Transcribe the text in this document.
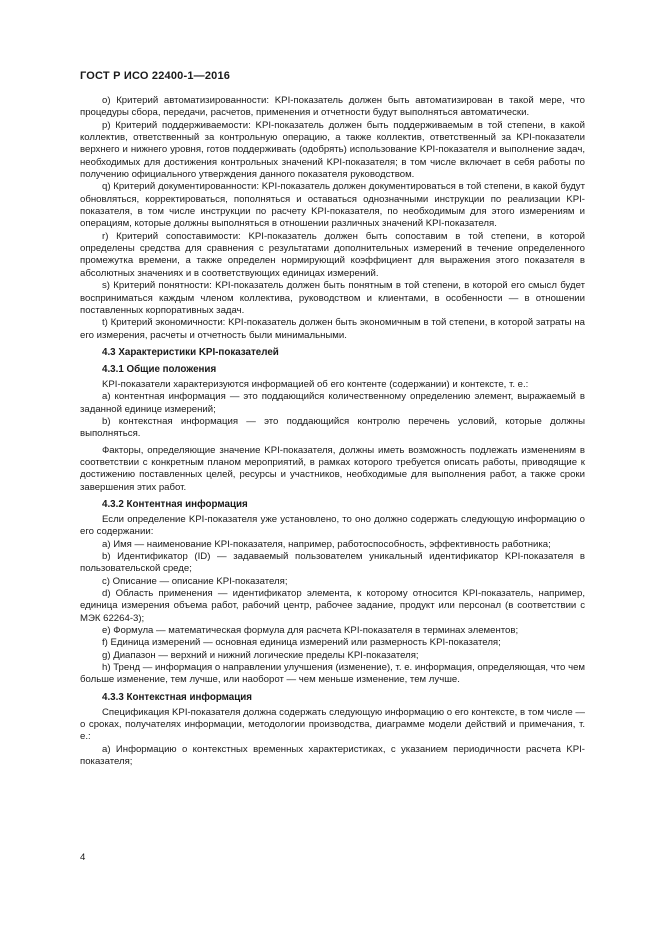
ГОСТ Р ИСО 22400-1—2016
o) Критерий автоматизированности: KPI-показатель должен быть автоматизирован в такой мере, что процедуры сбора, передачи, расчетов, применения и отчетности будут выполняться автоматически.
p) Критерий поддерживаемости: KPI-показатель должен быть поддерживаемым в той степени, в какой коллектив, ответственный за контрольную операцию, а также коллектив, ответственный за KPI-показатели верхнего и нижнего уровня, готов поддерживать (одобрять) использование KPI-показателя и выполнение задач, необходимых для достижения контрольных значений KPI-показателя; в том числе включает в себя работы по получению официального утверждения данного показателя руководством.
q) Критерий документированности: KPI-показатель должен документироваться в той степени, в какой будут обновляться, корректироваться, пополняться и оставаться однозначными инструкции по реализации KPI-показателя, в том числе инструкции по расчету KPI-показателя, по необходимым для этого измерениям и операциям, которые должны выполняться в отношении различных значений KPI-показателя.
r) Критерий сопоставимости: KPI-показатель должен быть сопоставим в той степени, в которой определены средства для сравнения с результатами дополнительных измерений в течение определенного промежутка времени, а также определен нормирующий коэффициент для выражения этого показателя в абсолютных значениях и в соответствующих единицах измерений.
s) Критерий понятности: KPI-показатель должен быть понятным в той степени, в которой его смысл будет восприниматься каждым членом коллектива, руководством и клиентами, в особенности — в отношении поставленных корпоративных задач.
t) Критерий экономичности: KPI-показатель должен быть экономичным в той степени, в которой затраты на его измерения, расчеты и отчетность были минимальными.
4.3 Характеристики KPI-показателей
4.3.1 Общие положения
KPI-показатели характеризуются информацией об его контенте (содержании) и контексте, т. е.:
a) контентная информация — это поддающийся количественному определению элемент, выражаемый в заданной единице измерений;
b) контекстная информация — это поддающийся контролю перечень условий, которые должны выполняться.
Факторы, определяющие значение KPI-показателя, должны иметь возможность подлежать изменениям в соответствии с конкретным планом мероприятий, в рамках которого требуется описать работы, приводящие к достижению поставленных целей, ресурсы и участников, необходимые для выполнения работ, а также сроки завершения этих работ.
4.3.2 Контентная информация
Если определение KPI-показателя уже установлено, то оно должно содержать следующую информацию о его содержании:
a) Имя — наименование KPI-показателя, например, работоспособность, эффективность работника;
b) Идентификатор (ID) — задаваемый пользователем уникальный идентификатор KPI-показателя в пользовательской среде;
c) Описание — описание KPI-показателя;
d) Область применения — идентификатор элемента, к которому относится KPI-показатель, например, единица измерения объема работ, рабочий центр, рабочее задание, продукт или персонал (в соответствии с МЭК 62264-3);
e) Формула — математическая формула для расчета KPI-показателя в терминах элементов;
f) Единица измерений — основная единица измерений или размерность KPI-показателя;
g) Диапазон — верхний и нижний логические пределы KPI-показателя;
h) Тренд — информация о направлении улучшения (изменение), т. е. информация, определяющая, что чем больше изменение, тем лучше, или наоборот — чем меньше изменение, тем лучше.
4.3.3 Контекстная информация
Спецификация KPI-показателя должна содержать следующую информацию о его контексте, в том числе — о сроках, получателях информации, методологии производства, диаграмме модели действий и примечания, т. е.:
a) Информацию о контекстных временных характеристиках, с указанием периодичности расчета KPI-показателя;
4
